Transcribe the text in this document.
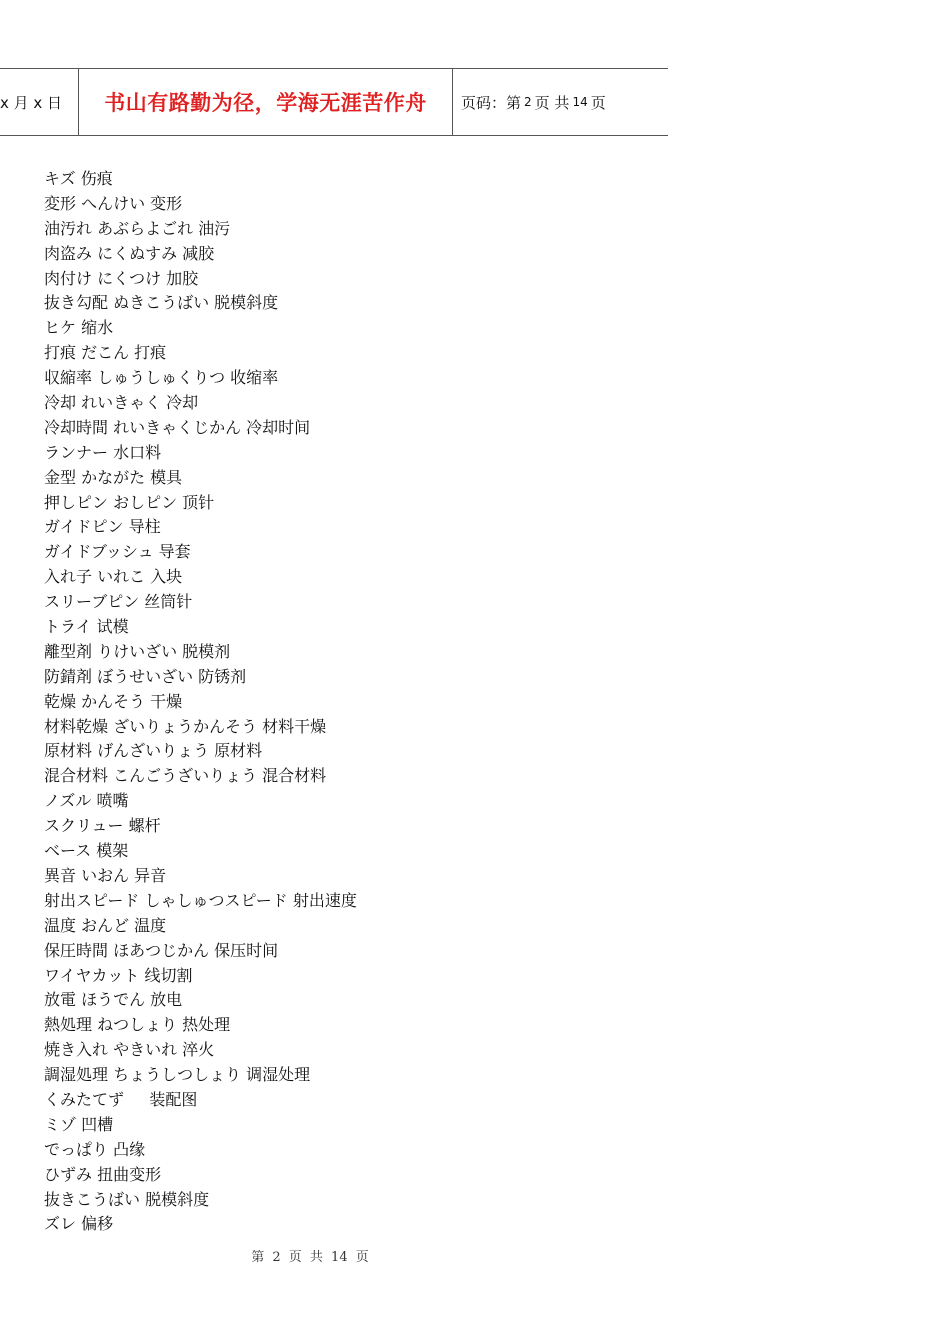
x 月 x 日	书山有路勤为径，学海无涯苦作舟	页码：第 2 页 共 14 页
キズ 伤痕
変形 へんけい 变形
油汚れ あぶらよごれ 油污
肉盗み にくぬすみ 减胶
肉付け にくつけ 加胶
抜き勾配 ぬきこうばい 脱模斜度
ヒケ 缩水
打痕 だこん 打痕
収縮率 しゅうしゅくりつ 收缩率
冷却 れいきゃく 冷却
冷却時間 れいきゃくじかん 冷却时间
ランナー 水口料
金型 かながた 模具
押しピン おしピン 顶针
ガイドピン 导柱
ガイドブッシュ 导套
入れ子 いれこ 入块
スリーブピン 丝筒针
トライ 试模
離型剤 りけいざい 脱模剂
防錆剤 ぼうせいざい 防锈剂
乾燥 かんそう 干燥
材料乾燥 ざいりょうかんそう 材料干燥
原材料 げんざいりょう 原材料
混合材料 こんごうざいりょう 混合材料
ノズル 喷嘴
スクリュー 螺杆
ベース 模架
異音 いおん 异音
射出スピード しゃしゅつスピード 射出速度
温度 おんど 温度
保圧時間 ほあつじかん 保压时间
ワイヤカット 线切割
放電 ほうでん 放电
熱処理 ねつしょり 热处理
焼き入れ やきいれ 淬火
調湿処理 ちょうしつしょり 调湿处理
くみたてず     装配图
ミゾ 凹槽
でっぱり 凸缘
ひずみ 扭曲变形
抜きこうばい 脱模斜度
ズレ 偏移
第 2 页 共 14 页
